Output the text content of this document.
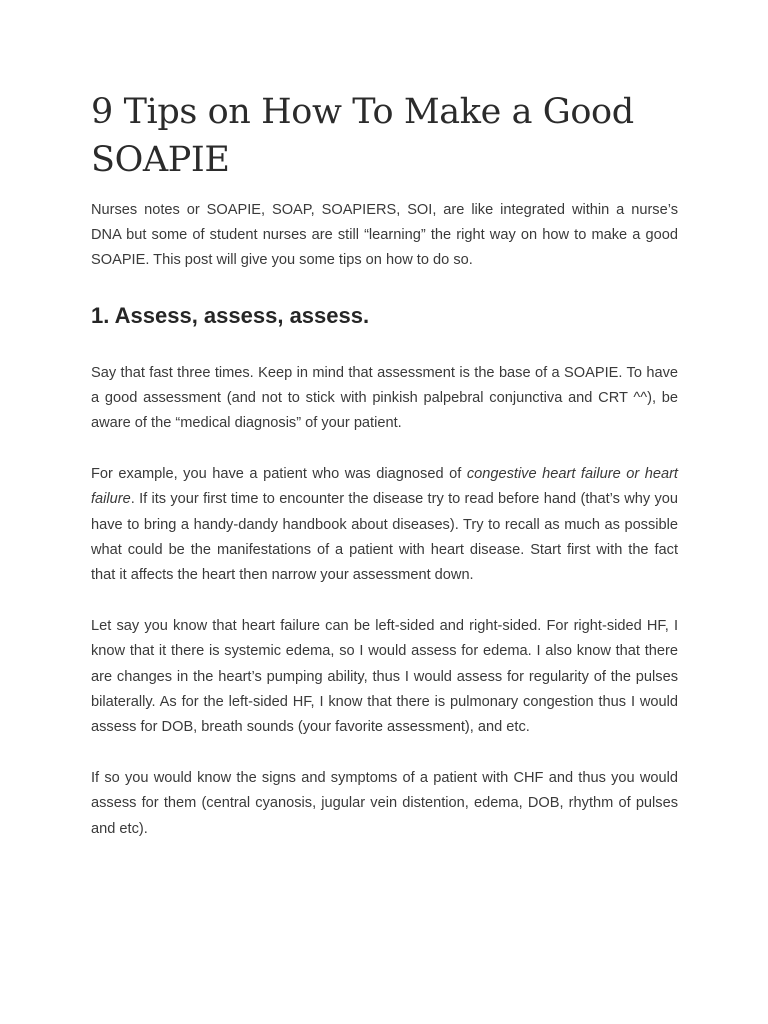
9 Tips on How To Make a Good SOAPIE

Nurses notes or SOAPIE, SOAP, SOAPIERS, SOI, are like integrated within a nurse’s DNA but some of student nurses are still “learning” the right way on how to make a good SOAPIE. This post will give you some tips on how to do so.

1. Assess, assess, assess.

Say that fast three times. Keep in mind that assessment is the base of a SOAPIE. To have a good assessment (and not to stick with pinkish palpebral conjunctiva and CRT ^^), be aware of the “medical diagnosis” of your patient.

For example, you have a patient who was diagnosed of congestive heart failure or heart failure. If its your first time to encounter the disease try to read before hand (that’s why you have to bring a handy-dandy handbook about diseases). Try to recall as much as possible what could be the manifestations of a patient with heart disease. Start first with the fact that it affects the heart then narrow your assessment down.

Let say you know that heart failure can be left-sided and right-sided. For right-sided HF, I know that it there is systemic edema, so I would assess for edema. I also know that there are changes in the heart’s pumping ability, thus I would assess for regularity of the pulses bilaterally. As for the left-sided HF, I know that there is pulmonary congestion thus I would assess for DOB, breath sounds (your favorite assessment), and etc.

If so you would know the signs and symptoms of a patient with CHF and thus you would assess for them (central cyanosis, jugular vein distention, edema, DOB, rhythm of pulses and etc).
